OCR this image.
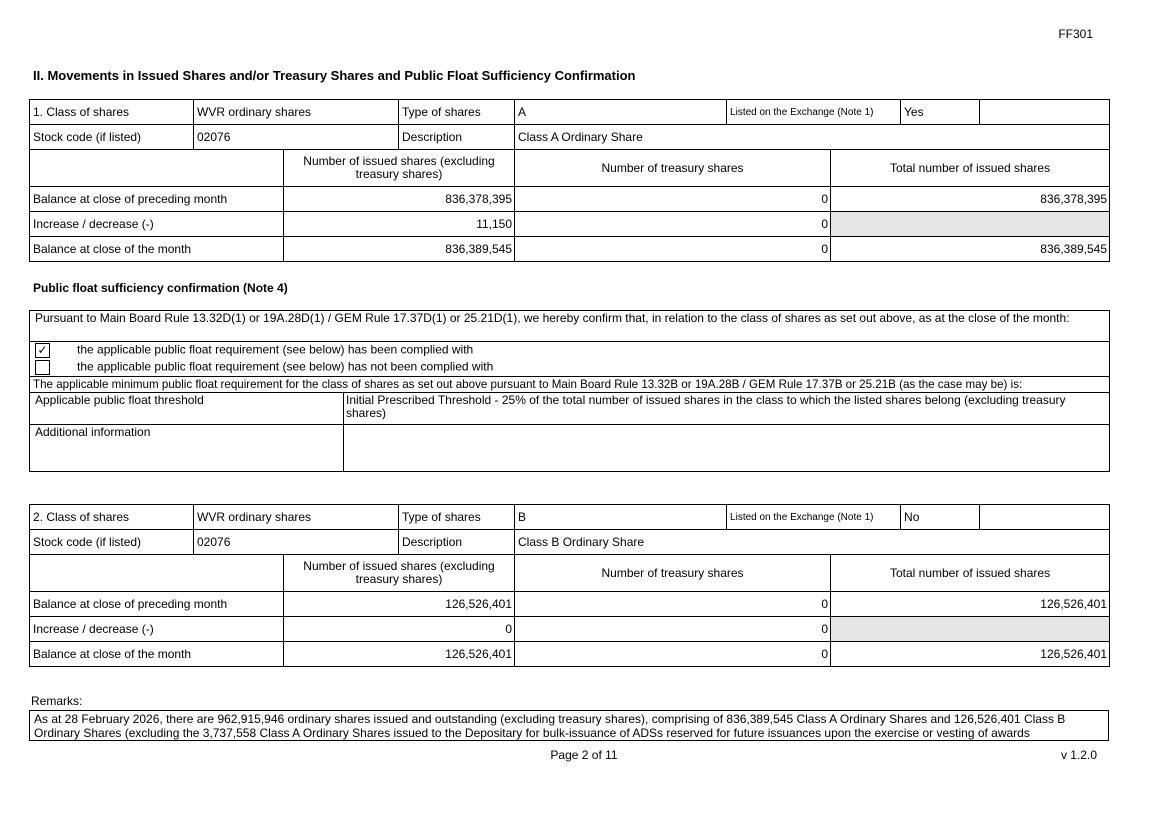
FF301
II. Movements in Issued Shares and/or Treasury Shares and Public Float Sufficiency Confirmation
1. Class of shares	WVR ordinary shares		Type of shares	A	Listed on the Exchange (Note 1)		Yes	
Stock code (if listed)	02076		Description	Class A Ordinary Share				
		Number of issued shares (excluding treasury shares)		Number of treasury shares		Total number of issued shares		
Balance at close of preceding month		836,378,395		0		836,378,395		
Increase / decrease (-)		11,150		0				
Balance at close of the month		836,389,545		0		836,389,545		
Public float sufficiency confirmation (Note 4)
Pursuant to Main Board Rule 13.32D(1) or 19A.28D(1) / GEM Rule 17.37D(1) or 25.21D(1), we hereby confirm that, in relation to the class of shares as set out above, as at the close of the month:	
✓ the applicable public float requirement (see below) has been complied with	
the applicable public float requirement (see below) has not been complied with	
The applicable minimum public float requirement for the class of shares as set out above pursuant to Main Board Rule 13.32B or 19A.28B / GEM Rule 17.37B or 25.21B (as the case may be) is:	
Applicable public float threshold	Initial Prescribed Threshold - 25% of the total number of issued shares in the class to which the listed shares belong (excluding treasury shares)
Additional information	
2. Class of shares	WVR ordinary shares		Type of shares	B	Listed on the Exchange (Note 1)		No	
Stock code (if listed)	02076		Description	Class B Ordinary Share				
		Number of issued shares (excluding treasury shares)		Number of treasury shares		Total number of issued shares		
Balance at close of preceding month		126,526,401		0		126,526,401		
Increase / decrease (-)		0		0				
Balance at close of the month		126,526,401		0		126,526,401		
Remarks:
As at 28 February 2026, there are 962,915,946 ordinary shares issued and outstanding (excluding treasury shares), comprising of 836,389,545 Class A Ordinary Shares and 126,526,401 Class B Ordinary Shares (excluding the 3,737,558 Class A Ordinary Shares issued to the Depositary for bulk-issuance of ADSs reserved for future issuances upon the exercise or vesting of awards
Page 2 of 11	v 1.2.0
